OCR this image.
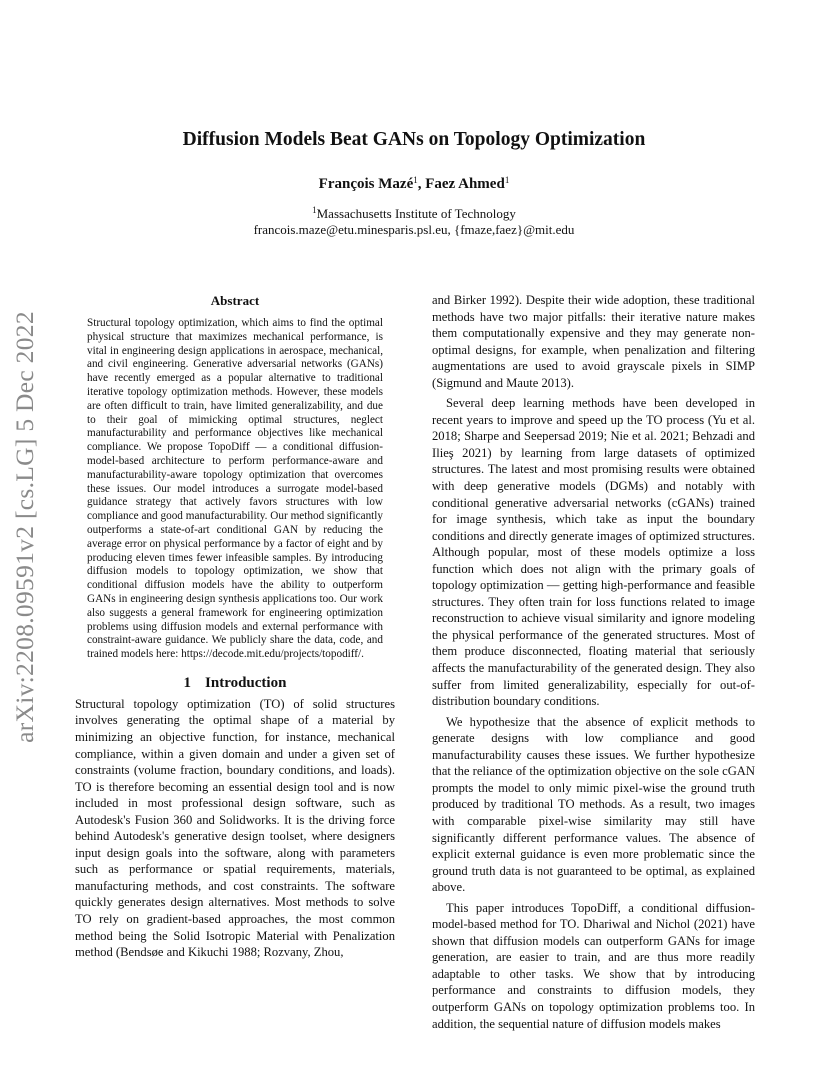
arXiv:2208.09591v2 [cs.LG] 5 Dec 2022
Diffusion Models Beat GANs on Topology Optimization
François Mazé$^1$, Faez Ahmed$^1$
$^1$Massachusetts Institute of Technology
francois.maze@etu.minesparis.psl.eu, {fmaze,faez}@mit.edu
Abstract

Structural topology optimization, which aims to find the optimal physical structure that maximizes mechanical performance, is vital in engineering design applications in aerospace, mechanical, and civil engineering. Generative adversarial networks (GANs) have recently emerged as a popular alternative to traditional iterative topology optimization methods. However, these models are often difficult to train, have limited generalizability, and due to their goal of mimicking optimal structures, neglect manufacturability and performance objectives like mechanical compliance. We propose TopoDiff — a conditional diffusion-model-based architecture to perform performance-aware and manufacturability-aware topology optimization that overcomes these issues. Our model introduces a surrogate model-based guidance strategy that actively favors structures with low compliance and good manufacturability. Our method significantly outperforms a state-of-art conditional GAN by reducing the average error on physical performance by a factor of eight and by producing eleven times fewer infeasible samples. By introducing diffusion models to topology optimization, we show that conditional diffusion models have the ability to outperform GANs in engineering design synthesis applications too. Our work also suggests a general framework for engineering optimization problems using diffusion models and external performance with constraint-aware guidance. We publicly share the data, code, and trained models here: https://decode.mit.edu/projects/topodiff/.

1 Introduction

Structural topology optimization (TO) of solid structures involves generating the optimal shape of a material by minimizing an objective function, for instance, mechanical compliance, within a given domain and under a given set of constraints (volume fraction, boundary conditions, and loads). TO is therefore becoming an essential design tool and is now included in most professional design software, such as Autodesk's Fusion 360 and Solidworks. It is the driving force behind Autodesk's generative design toolset, where designers input design goals into the software, along with parameters such as performance or spatial requirements, materials, manufacturing methods, and cost constraints. The software quickly generates design alternatives. Most methods to solve TO rely on gradient-based approaches, the most common method being the Solid Isotropic Material with Penalization method (Bendsøe and Kikuchi 1988; Rozvany, Zhou,

and Birker 1992). Despite their wide adoption, these traditional methods have two major pitfalls: their iterative nature makes them computationally expensive and they may generate non-optimal designs, for example, when penalization and filtering augmentations are used to avoid grayscale pixels in SIMP (Sigmund and Maute 2013).

Several deep learning methods have been developed in recent years to improve and speed up the TO process (Yu et al. 2018; Sharpe and Seepersad 2019; Nie et al. 2021; Behzadi and Ilieş 2021) by learning from large datasets of optimized structures. The latest and most promising results were obtained with deep generative models (DGMs) and notably with conditional generative adversarial networks (cGANs) trained for image synthesis, which take as input the boundary conditions and directly generate images of optimized structures. Although popular, most of these models optimize a loss function which does not align with the primary goals of topology optimization — getting high-performance and feasible structures. They often train for loss functions related to image reconstruction to achieve visual similarity and ignore modeling the physical performance of the generated structures. Most of them produce disconnected, floating material that seriously affects the manufacturability of the generated design. They also suffer from limited generalizability, especially for out-of-distribution boundary conditions.

We hypothesize that the absence of explicit methods to generate designs with low compliance and good manufacturability causes these issues. We further hypothesize that the reliance of the optimization objective on the sole cGAN prompts the model to only mimic pixel-wise the ground truth produced by traditional TO methods. As a result, two images with comparable pixel-wise similarity may still have significantly different performance values. The absence of explicit external guidance is even more problematic since the ground truth data is not guaranteed to be optimal, as explained above.

This paper introduces TopoDiff, a conditional diffusion-model-based method for TO. Dhariwal and Nichol (2021) have shown that diffusion models can outperform GANs for image generation, are easier to train, and are thus more readily adaptable to other tasks. We show that by introducing performance and constraints to diffusion models, they outperform GANs on topology optimization problems too. In addition, the sequential nature of diffusion models makes
